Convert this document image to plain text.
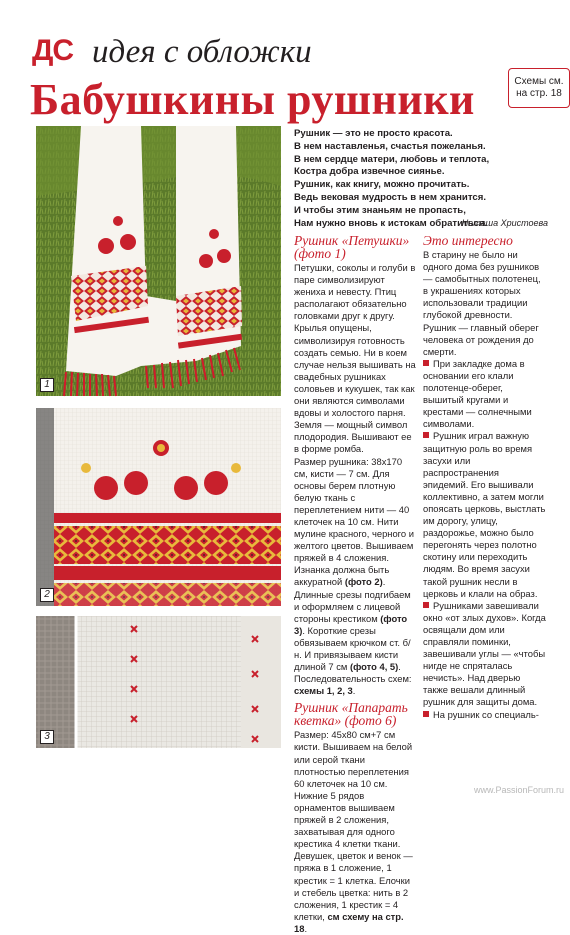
ДС идея с обложки
Бабушкины рушники	Схемы см.
на стр. 18
1
2
3
Рушник — это не просто красота.
В нем наставленья, счастья пожеланья.
В нем сердце матери, любовь и теплота,
Костра добра извечное сиянье.
Рушник, как книгу, можно прочитать.
Ведь вековая мудрость в нем хранится.
И чтобы этим знаньям не пропасть,
Нам нужно вновь к истокам обратиться.
Наташа Христоева
Рушник «Петушки» (фото 1)

Петушки, соколы и голуби в паре символизируют жениха и невесту. Птиц располагают обязательно головками друг к другу. Крылья опущены, символизируя готовность создать семью. Ни в коем случае нельзя вышивать на свадебных рушниках соловьев и кукушек, так как они являются символами вдовы и холостого парня.

Земля — мощный символ плодородия. Вышивают ее в форме ромба.

Размер рушника: 38х170 см, кисти — 7 см. Для основы берем плотную белую ткань с переплетением нити — 40 клеточек на 10 см. Нити мулине красного, черного и желтого цветов. Вышиваем пряжей в 4 сложения. Изнанка должна быть аккуратной (фото 2). Длинные срезы подгибаем и оформляем с лицевой стороны крестиком (фото 3). Короткие срезы обвязываем крючком ст. б/н. И привязываем кисти длиной 7 см (фото 4, 5). Последовательность схем: схемы 1, 2, 3.

Рушник «Папарать кветка» (фото 6)

Размер: 45х80 см+7 см кисти. Вышиваем на белой или серой ткани плотностью переплетения 60 клеточек на 10 см. Нижние 5 рядов орнаментов вышиваем пряжей в 2 сложения, захватывая для одного крестика 4 клетки ткани. Девушек, цветок и венок — пряжа в 1 сложение, 1 крестик = 1 клетка. Елочки и стебель цветка: нить в 2 сложения, 1 крестик = 4 клетки, см схему на стр. 18.

Это интересно

В старину не было ни одного дома без рушников — самобытных полотенец, в украшениях которых использовали традиции глубокой древности. Рушник — главный оберег человека от рождения до смерти.

При закладке дома в основании его клали полотенце-оберег, вышитый кругами и крестами — солнечными символами.

Рушник играл важную защитную роль во время засухи или распространения эпидемий. Его вышивали коллективно, а затем могли опоясать церковь, выстлать им дорогу, улицу, раздорожье, можно было перегонять через полотно скотину или переходить людям. Во время засухи такой рушник несли в церковь и клали на образ.

Рушниками завешивали окно «от злых духов». Когда освящали дом или справляли поминки, завешивали углы — «чтобы нигде не спряталась нечисть». Над дверью также вешали длинный рушник для защиты дома.

На рушник со специаль-

www.PassionForum.ru
